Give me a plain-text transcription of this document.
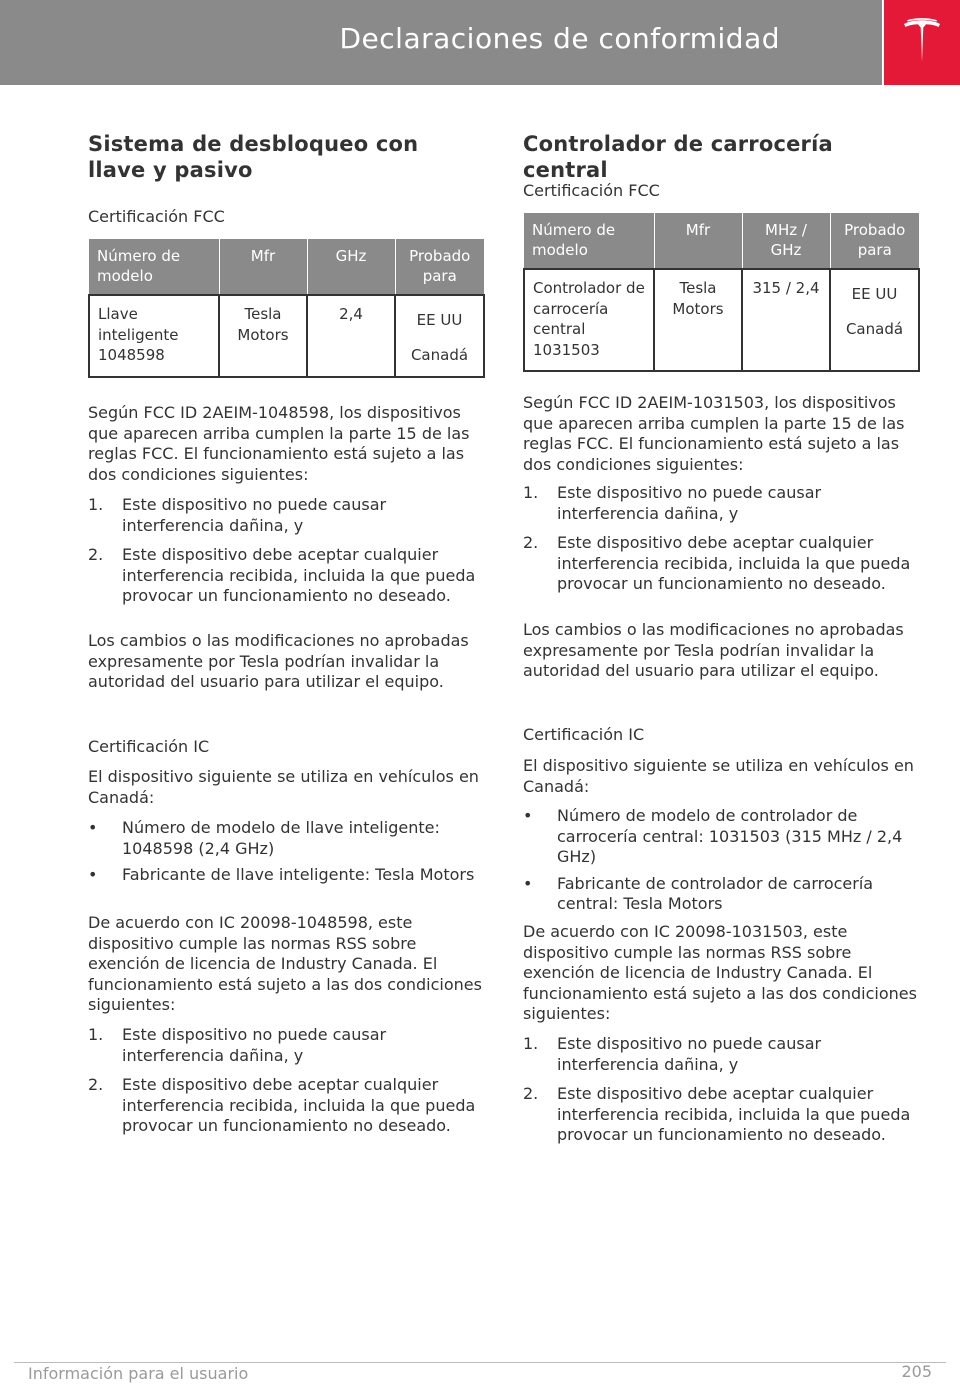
Declaraciones de conformidad
Sistema de desbloqueo con llave y pasivo
Certificación FCC
Número de modelo	Mfr	GHz	Probado para
Llave inteligente 1048598	Tesla Motors	2,4	EE UU
Canadá

Según FCC ID 2AEIM-1048598, los dispositivos que aparecen arriba cumplen la parte 15 de las reglas FCC. El funcionamiento está sujeto a las dos condiciones siguientes:

1. Este dispositivo no puede causar interferencia dañina, y
2. Este dispositivo debe aceptar cualquier interferencia recibida, incluida la que pueda provocar un funcionamiento no deseado.

Los cambios o las modificaciones no aprobadas expresamente por Tesla podrían invalidar la autoridad del usuario para utilizar el equipo.

Certificación IC

El dispositivo siguiente se utiliza en vehículos en Canadá:

• Número de modelo de llave inteligente: 1048598 (2,4 GHz)
• Fabricante de llave inteligente: Tesla Motors

De acuerdo con IC 20098-1048598, este dispositivo cumple las normas RSS sobre exención de licencia de Industry Canada. El funcionamiento está sujeto a las dos condiciones siguientes:

1. Este dispositivo no puede causar interferencia dañina, y
2. Este dispositivo debe aceptar cualquier interferencia recibida, incluida la que pueda provocar un funcionamiento no deseado.
Controlador de carrocería central
Certificación FCC
Número de modelo	Mfr	MHz / GHz	Probado para
Controlador de carrocería central 1031503	Tesla Motors	315 / 2,4	EE UU
Canadá

Según FCC ID 2AEIM-1031503, los dispositivos que aparecen arriba cumplen la parte 15 de las reglas FCC. El funcionamiento está sujeto a las dos condiciones siguientes:

1. Este dispositivo no puede causar interferencia dañina, y
2. Este dispositivo debe aceptar cualquier interferencia recibida, incluida la que pueda provocar un funcionamiento no deseado.

Los cambios o las modificaciones no aprobadas expresamente por Tesla podrían invalidar la autoridad del usuario para utilizar el equipo.

Certificación IC

El dispositivo siguiente se utiliza en vehículos en Canadá:

• Número de modelo de controlador de carrocería central: 1031503 (315 MHz / 2,4 GHz)
• Fabricante de controlador de carrocería central: Tesla Motors

De acuerdo con IC 20098-1031503, este dispositivo cumple las normas RSS sobre exención de licencia de Industry Canada. El funcionamiento está sujeto a las dos condiciones siguientes:

1. Este dispositivo no puede causar interferencia dañina, y
2. Este dispositivo debe aceptar cualquier interferencia recibida, incluida la que pueda provocar un funcionamiento no deseado.
Información para el usuario	205
